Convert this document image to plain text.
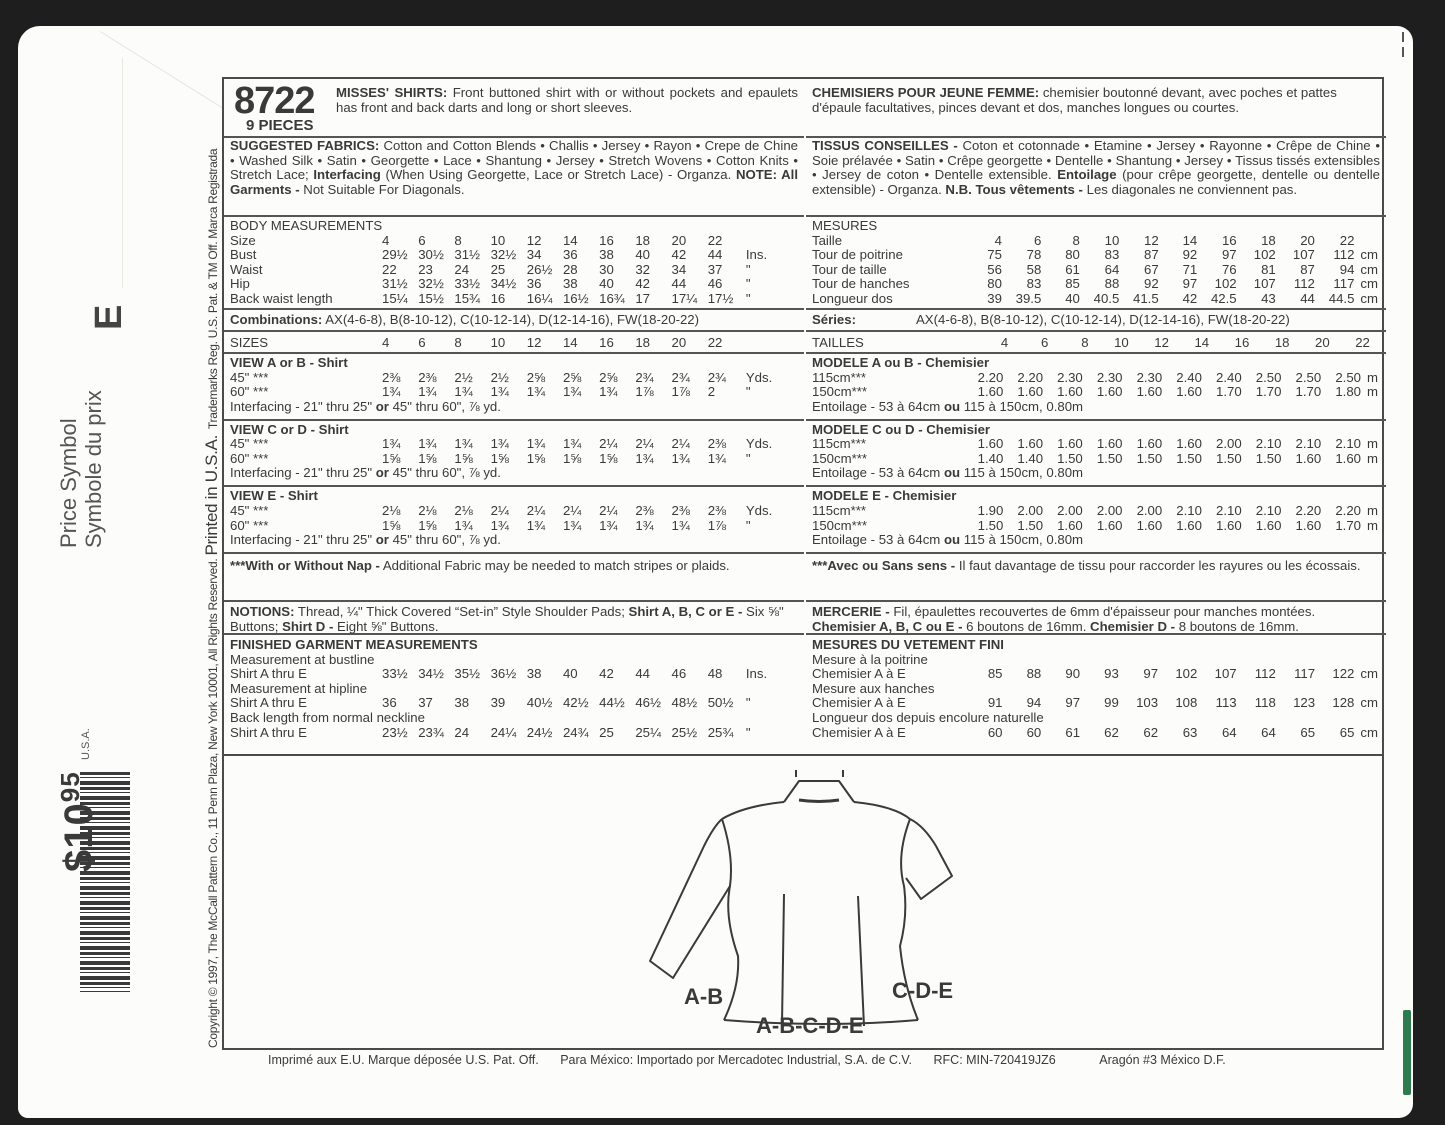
E
Price Symbol Symbole du prix
$\$10^{95}$
U.S.A.	Copyright © 1997, The McCall Pattern Co., 11 Penn Plaza, New York 10001, All Rights Reserved. Printed in U.S.A.  Trademarks Reg. U.S. Pat. & TM Off. Marca Registrada
8722
9 PIECES
MISSES' SHIRTS: Front buttoned shirt with or without pockets and epaulets has front and back darts and long or short sleeves.
SUGGESTED FABRICS: Cotton and Cotton Blends • Challis • Jersey • Rayon • Crepe de Chine • Washed Silk • Satin • Georgette • Lace • Shantung • Jersey • Stretch Wovens • Cotton Knits • Stretch Lace; Interfacing (When Using Georgette, Lace or Stretch Lace) - Organza. NOTE: All Garments - Not Suitable For Diagonals.
BODY MEASUREMENTS
Size	4	6	8	10	12	14	16	18	20	22	
Bust	29½	30½	31½	32½	34	36	38	40	42	44	Ins.
Waist	22	23	24	25	26½	28	30	32	34	37	"
Hip	31½	32½	33½	34½	36	38	40	42	44	46	"
Back waist length	15¼	15½	15¾	16	16¼	16½	16¾	17	17¼	17½	"
Combinations: AX(4-6-8), B(8-10-12), C(10-12-14), D(12-14-16), FW(18-20-22)
SIZES	4	6	8	10	12	14	16	18	20	22	
VIEW A or B - Shirt
45" ***	2⅜	2⅜	2½	2½	2⅝	2⅝	2⅝	2¾	2¾	2¾	Yds.
60" ***	1¾	1¾	1¾	1¾	1¾	1¾	1¾	1⅞	1⅞	2	"
Interfacing - 21" thru 25" or 45" thru 60", ⅞ yd.
VIEW C or D - Shirt
45" ***	1¾	1¾	1¾	1¾	1¾	1¾	2¼	2¼	2¼	2⅜	Yds.
60" ***	1⅝	1⅝	1⅝	1⅝	1⅝	1⅝	1⅝	1¾	1¾	1¾	"
Interfacing - 21" thru 25" or 45" thru 60", ⅞ yd.
VIEW E - Shirt
45" ***	2⅛	2⅛	2⅛	2¼	2¼	2¼	2¼	2⅜	2⅜	2⅜	Yds.
60" ***	1⅝	1⅝	1¾	1¾	1¾	1¾	1¾	1¾	1¾	1⅞	"
Interfacing - 21" thru 25" or 45" thru 60", ⅞ yd.
***With or Without Nap - Additional Fabric may be needed to match stripes or plaids.
NOTIONS: Thread, ¼" Thick Covered “Set-in” Style Shoulder Pads; Shirt A, B, C or E - Six ⅝" Buttons; Shirt D - Eight ⅝" Buttons.
FINISHED GARMENT MEASUREMENTS
Measurement at bustline											
Shirt A thru E	33½	34½	35½	36½	38	40	42	44	46	48	Ins.
Measurement at hipline											
Shirt A thru E	36	37	38	39	40½	42½	44½	46½	48½	50½	"
Back length from normal neckline											
Shirt A thru E	23½	23¾	24	24¼	24½	24¾	25	25¼	25½	25¾	"
CHEMISIERS POUR JEUNE FEMME: chemisier boutonné devant, avec poches et pattes d'épaule facultatives, pinces devant et dos, manches longues ou courtes.
TISSUS CONSEILLES - Coton et cotonnade • Etamine • Jersey • Rayonne • Crêpe de Chine • Soie prélavée • Satin • Crêpe georgette • Dentelle • Shantung • Jersey • Tissus tissés extensibles • Jersey de coton • Dentelle extensible. Entoilage (pour crêpe georgette, dentelle ou dentelle extensible) - Organza. N.B. Tous vêtements - Les diagonales ne conviennent pas.
MESURES
Taille	4	6	8	10	12	14	16	18	20	22	
Tour de poitrine	75	78	80	83	87	92	97	102	107	112	cm
Tour de taille	56	58	61	64	67	71	76	81	87	94	cm
Tour de hanches	80	83	85	88	92	97	102	107	112	117	cm
Longueur dos	39	39.5	40	40.5	41.5	42	42.5	43	44	44.5	cm
Séries:	AX(4-6-8), B(8-10-12), C(10-12-14), D(12-14-16), FW(18-20-22)
TAILLES	4	6	8	10	12	14	16	18	20	22	
MODELE A ou B - Chemisier
115cm***	2.20	2.20	2.30	2.30	2.30	2.40	2.40	2.50	2.50	2.50	m
150cm***	1.60	1.60	1.60	1.60	1.60	1.60	1.70	1.70	1.70	1.80	m
Entoilage - 53 à 64cm ou 115 à 150cm, 0.80m
MODELE C ou D - Chemisier
115cm***	1.60	1.60	1.60	1.60	1.60	1.60	2.00	2.10	2.10	2.10	m
150cm***	1.40	1.40	1.50	1.50	1.50	1.50	1.50	1.50	1.60	1.60	m
Entoilage - 53 à 64cm ou 115 à 150cm, 0.80m
MODELE E - Chemisier
115cm***	1.90	2.00	2.00	2.00	2.00	2.10	2.10	2.10	2.20	2.20	m
150cm***	1.50	1.50	1.60	1.60	1.60	1.60	1.60	1.60	1.60	1.70	m
Entoilage - 53 à 64cm ou 115 à 150cm, 0.80m
***Avec ou Sans sens - Il faut davantage de tissu pour raccorder les rayures ou les écossais.
MERCERIE - Fil, épaulettes recouvertes de 6mm d'épaisseur pour manches montées. Chemisier A, B, C ou E - 6 boutons de 16mm. Chemisier D - 8 boutons de 16mm.
MESURES DU VETEMENT FINI
Mesure à la poitrine											
Chemisier A à E	85	88	90	93	97	102	107	112	117	122	cm
Mesure aux hanches											
Chemisier A à E	91	94	97	99	103	108	113	118	123	128	cm
Longueur dos depuis encolure naturelle											
Chemisier A à E	60	60	61	62	62	63	64	64	65	65	cm
A-B	C-D-E
A-B-C-D-E
Imprimé aux E.U. Marque déposée U.S. Pat. Off. Para México: Importado por Mercadotec Industrial, S.A. de C.V. RFC: MIN-720419JZ6	Aragón #3 México D.F.
